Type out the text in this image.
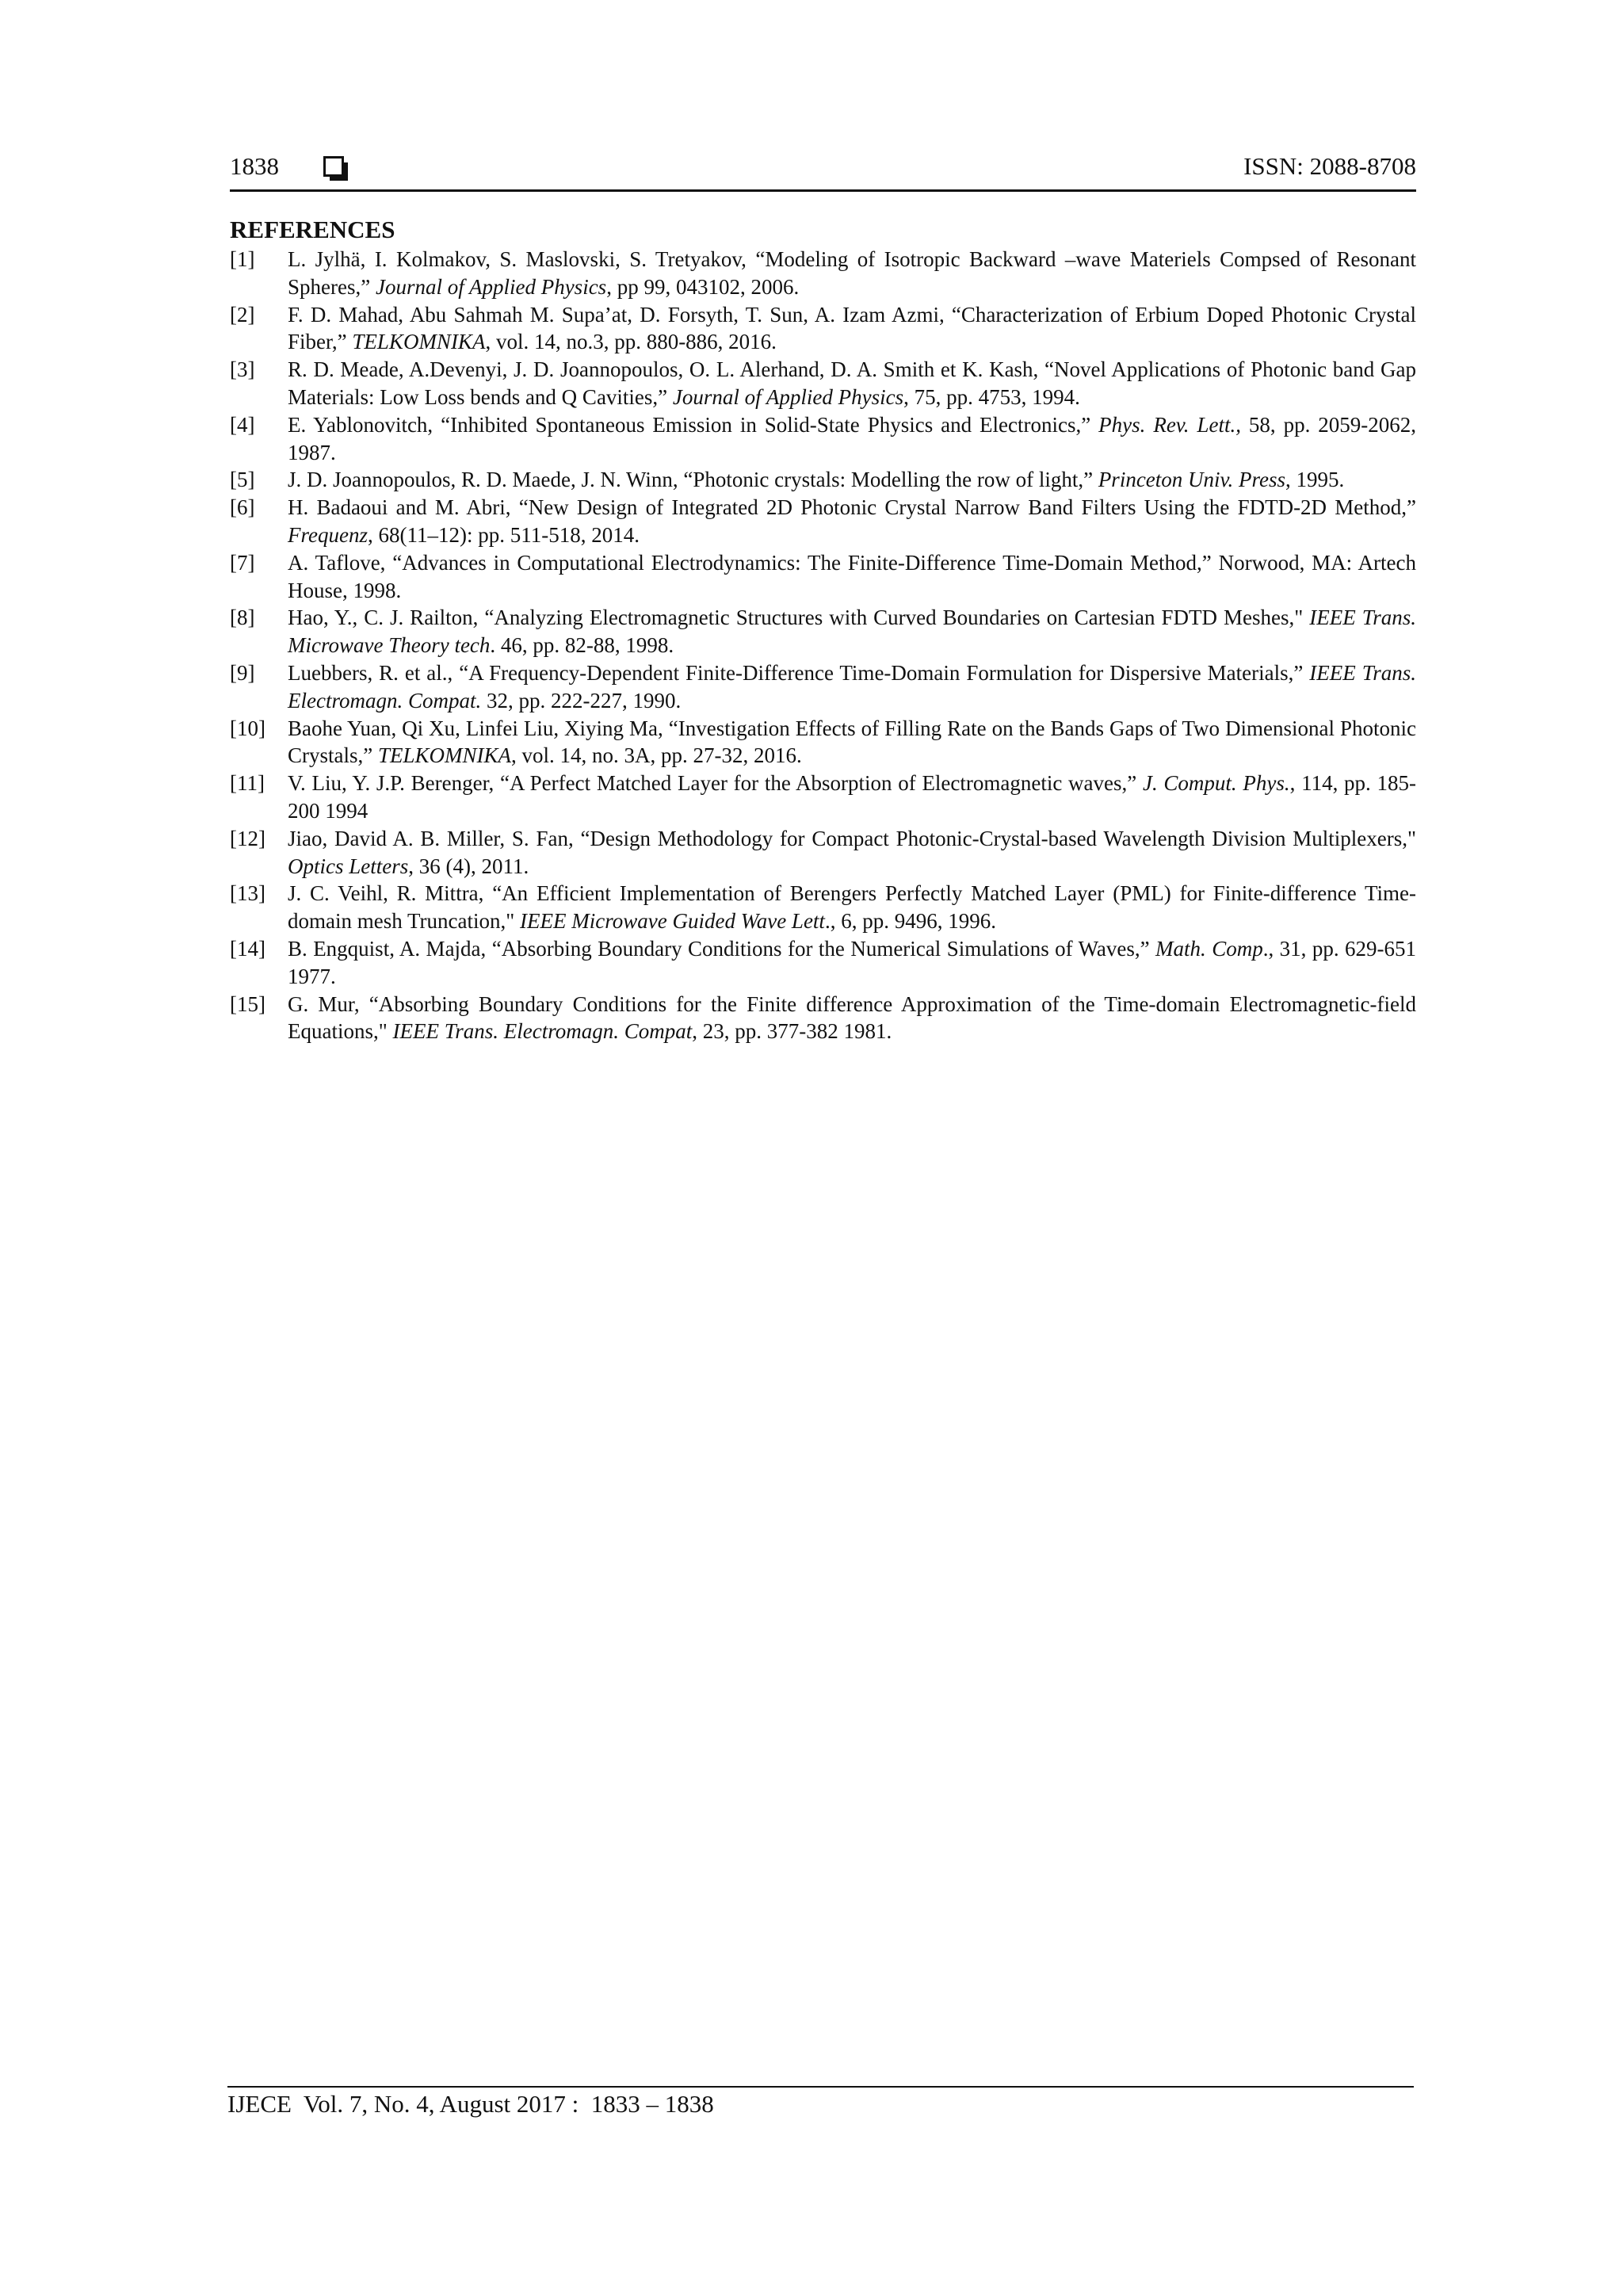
1838	ISSN: 2088-8708
REFERENCES
[1] L. Jylhä, I. Kolmakov, S. Maslovski, S. Tretyakov, “Modeling of Isotropic Backward –wave Materiels Compsed of Resonant Spheres,” Journal of Applied Physics, pp 99, 043102, 2006.
[2] F. D. Mahad, Abu Sahmah M. Supa’at, D. Forsyth, T. Sun, A. Izam Azmi, “Characterization of Erbium Doped Photonic Crystal Fiber,” TELKOMNIKA, vol. 14, no.3, pp. 880-886, 2016.
[3] R. D. Meade, A.Devenyi, J. D. Joannopoulos, O. L. Alerhand, D. A. Smith et K. Kash, “Novel Applications of Photonic band Gap Materials: Low Loss bends and Q Cavities,” Journal of Applied Physics, 75, pp. 4753, 1994.
[4] E. Yablonovitch, “Inhibited Spontaneous Emission in Solid-State Physics and Electronics,” Phys. Rev. Lett., 58, pp. 2059-2062, 1987.
[5] J. D. Joannopoulos, R. D. Maede, J. N. Winn, “Photonic crystals: Modelling the row of light,” Princeton Univ. Press, 1995.
[6] H. Badaoui and M. Abri, “New Design of Integrated 2D Photonic Crystal Narrow Band Filters Using the FDTD-2D Method,” Frequenz, 68(11–12): pp. 511-518, 2014.
[7] A. Taflove, “Advances in Computational Electrodynamics: The Finite-Difference Time-Domain Method,” Norwood, MA: Artech House, 1998.
[8] Hao, Y., C. J. Railton, “Analyzing Electromagnetic Structures with Curved Boundaries on Cartesian FDTD Meshes," IEEE Trans. Microwave Theory tech. 46, pp. 82-88, 1998.
[9] Luebbers, R. et al., “A Frequency-Dependent Finite-Difference Time-Domain Formulation for Dispersive Materials,” IEEE Trans. Electromagn. Compat. 32, pp. 222-227, 1990.
[10] Baohe Yuan, Qi Xu, Linfei Liu, Xiying Ma, “Investigation Effects of Filling Rate on the Bands Gaps of Two Dimensional Photonic Crystals,” TELKOMNIKA, vol. 14, no. 3A, pp. 27-32, 2016.
[11] V. Liu, Y. J.P. Berenger, “A Perfect Matched Layer for the Absorption of Electromagnetic waves,” J. Comput. Phys., 114, pp. 185-200 1994
[12] Jiao, David A. B. Miller, S. Fan, “Design Methodology for Compact Photonic-Crystal-based Wavelength Division Multiplexers," Optics Letters, 36 (4), 2011.
[13] J. C. Veihl, R. Mittra, “An Efficient Implementation of Berengers Perfectly Matched Layer (PML) for Finite-difference Time-domain mesh Truncation," IEEE Microwave Guided Wave Lett., 6, pp. 9496, 1996.
[14] B. Engquist, A. Majda, “Absorbing Boundary Conditions for the Numerical Simulations of Waves,” Math. Comp., 31, pp. 629-651 1977.
[15] G. Mur, “Absorbing Boundary Conditions for the Finite difference Approximation of the Time-domain Electromagnetic-field Equations," IEEE Trans. Electromagn. Compat, 23, pp. 377-382 1981.
IJECE  Vol. 7, No. 4, August 2017 :  1833 – 1838
